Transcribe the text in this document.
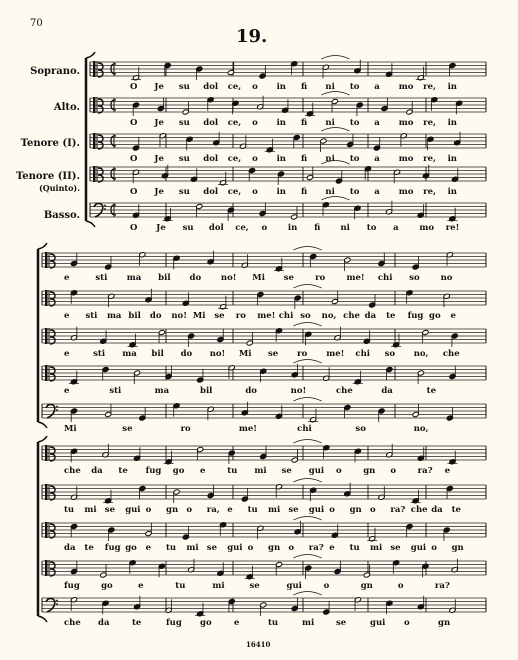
70
19.
16410
Soprano.
Alto.
Tenore (I).
Tenore (II).
(Quinto).
Basso.
O Je su dol ce, o in fi ni to a mo re, in
O Je su dol ce, o in fi ni to a mo re, in
O Je su dol ce, o in fi ni to a mo re, in
O Je su dol ce, o in fi ni to a mo re, in
O Je su dol ce, o in fi ni to a mo re!
e	sti ma bil do no! Mi se ro me! chi so no
e sti ma bil do no! Mi se ro me! chi so no, che da te fug go e
e	sti ma bil do no! Mi se ro me! chi so no, che
e	sti	ma	bil	do	no!	che	da	te
Mi	se	ro	me!	chi	so	no,
che da te fug go e	tu mi se gui o	gn o	ra? e
tu mi se gui o gn o ra, e tu mi se gui o gn o ra? che da te
da te fug go e tu mi se gui o gn o ra? e tu mi se gui o gn
fug	go	e	tu	mi	se	gui	o	gn	o	ra?
che da	te	fug go	e	tu	mi	se	gui o	gn
